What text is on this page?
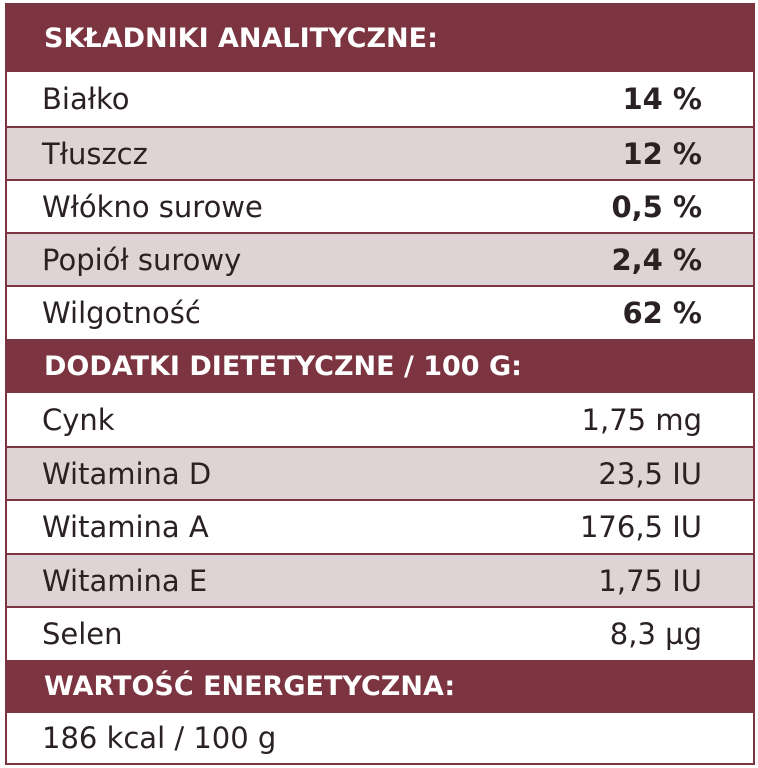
SKŁADNIKI ANALITYCZNE:
Białko	14 %
Tłuszcz	12 %
Włókno surowe	0,5 %
Popiół surowy	2,4 %
Wilgotność	62 %
DODATKI DIETETYCZNE / 100 G:
Cynk	1,75 mg
Witamina D	23,5 IU
Witamina A	176,5 IU
Witamina E	1,75 IU
Selen	8,3 µg
WARTOŚĆ ENERGETYCZNA:
186 kcal / 100 g
